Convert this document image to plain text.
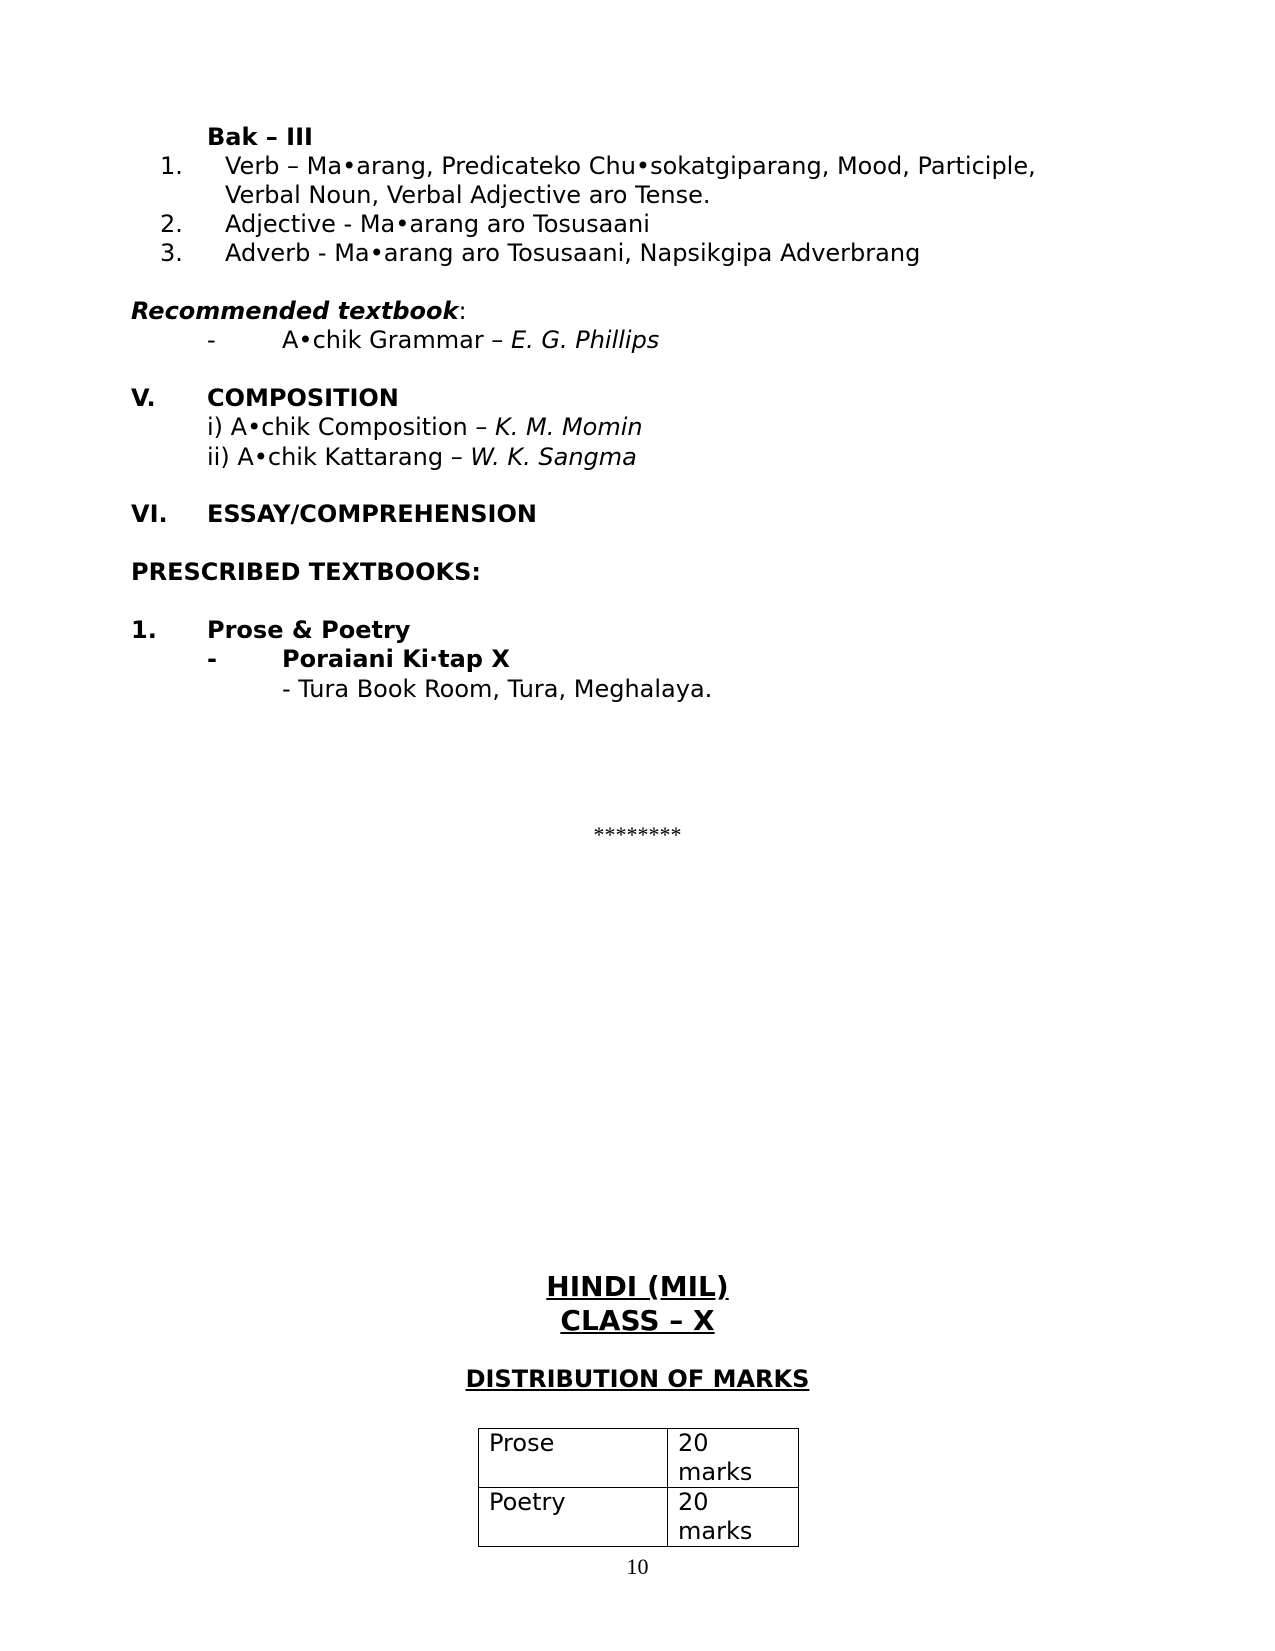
Bak – III
1. Verb – Ma•arang, Predicateko Chu•sokatgiparang, Mood, Participle,
Verbal Noun, Verbal Adjective aro Tense.
2. Adjective - Ma•arang aro Tosusaani
3. Adverb - Ma•arang aro Tosusaani, Napsikgipa Adverbrang
Recommended textbook:
-	A•chik Grammar – E. G. Phillips
V. COMPOSITION
i) A•chik Composition – K. M. Momin
ii) A•chik Kattarang – W. K. Sangma
VI. ESSAY/COMPREHENSION
PRESCRIBED TEXTBOOKS:
1. Prose & Poetry
-	Poraiani Ki·tap X
- Tura Book Room, Tura, Meghalaya.
********
HINDI (MIL)
CLASS – X
DISTRIBUTION OF MARKS
Prose	20 marks
Poetry	20 marks
10
